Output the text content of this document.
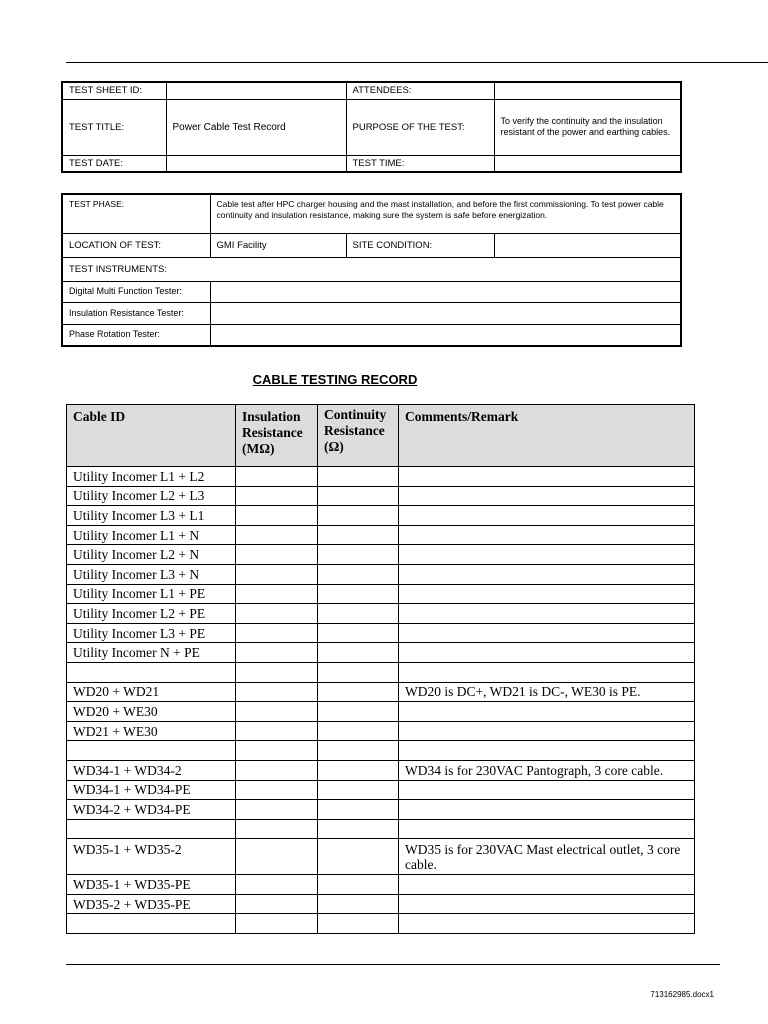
TEST SHEET ID:		ATTENDEES:	
TEST TITLE:	Power Cable Test Record	PURPOSE OF THE TEST:	To verify the continuity and the insulation resistant of the power and earthing cables.
TEST DATE:		TEST TIME:	
TEST PHASE:	Cable test after HPC charger housing and the mast installation, and before the first commissioning. To test power cable continuity and insulation resistance, making sure the system is safe before energization.		
LOCATION OF TEST:	GMI Facility	SITE CONDITION:	
TEST INSTRUMENTS:			
Digital Multi Function Tester:			
Insulation Resistance Tester:			
Phase Rotation Tester:			
CABLE TESTING RECORD
Cable ID	Insulation Resistance (MΩ)	Continuity Resistance (Ω)	Comments/Remark
Utility Incomer L1 + L2			
Utility Incomer L2 + L3			
Utility Incomer L3 + L1			
Utility Incomer L1 + N			
Utility Incomer L2 + N			
Utility Incomer L3 + N			
Utility Incomer L1 + PE			
Utility Incomer L2 + PE			
Utility Incomer L3 + PE			
Utility Incomer N + PE			

WD20 + WD21			WD20 is DC+, WD21 is DC-, WE30 is PE.
WD20 + WE30			
WD21 + WE30			

WD34-1 + WD34-2			WD34 is for 230VAC Pantograph, 3 core cable.
WD34-1 + WD34-PE			
WD34-2 + WD34-PE			

WD35-1 + WD35-2			WD35 is for 230VAC Mast electrical outlet, 3 core cable.
WD35-1 + WD35-PE			
WD35-2 + WD35-PE			

713162985.docx1
